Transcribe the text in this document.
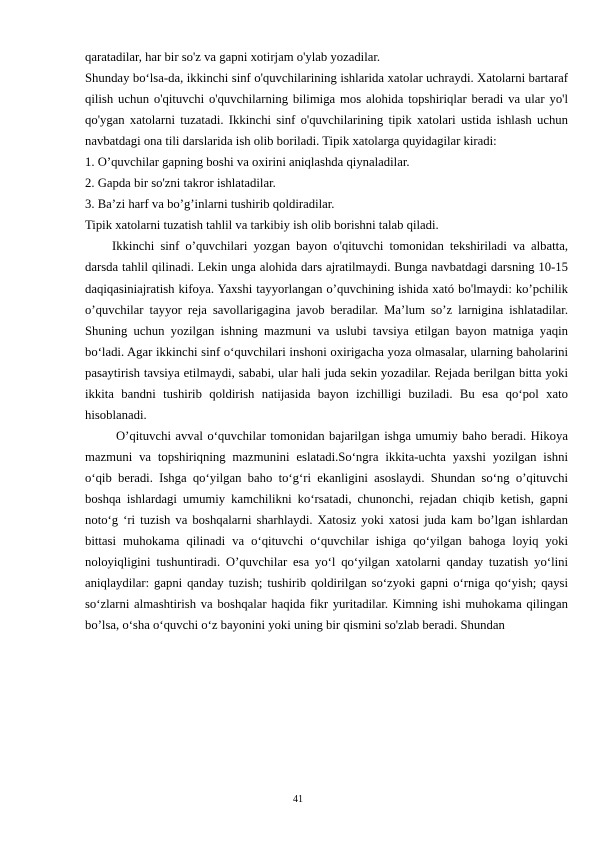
qaratadilar, har bir so'z va gapni xotirjam o'ylab yozadilar.

Shunday bo‘lsa-da, ikkinchi sinf o'quvchilarining ishlarida xatolar uchraydi. Xatolarni bartaraf qilish uchun o'qituvchi o'quvchilarning bilimiga mos alohida topshiriqlar beradi va ular yo'l qo'ygan xatolarni tuzatadi. Ikkinchi sinf o'quvchilarining tipik xatolari ustida ishlash uchun navbatdagi ona tili darslarida ish olib boriladi. Tipik xatolarga quyidagilar kiradi:

1. O’quvchilar gapning boshi va oxirini aniqlashda qiynaladilar.

2. Gapda bir so'zni takror ishlatadilar.

3. Ba’zi harf va bo’g’inlarni tushirib qoldiradilar.

Tipik xatolarni tuzatish tahlil va tarkibiy ish olib borishni talab qiladi.

Ikkinchi sinf o’quvchilari yozgan bayon o'qituvchi tomonidan tekshiriladi va albatta, darsda tahlil qilinadi. Lekin unga alohida dars ajratilmaydi. Bunga navbatdagi darsning 10-15 daqiqasiniajratish kifoya. Yaxshi tayyorlangan o’quvchining ishida xató bo'lmaydi: ko’pchilik o’quvchilar tayyor reja savollarigagina javob beradilar. Ma’lum so’z larnigina ishlatadilar. Shuning uchun yozilgan ishning mazmuni va uslubi tavsiya etilgan bayon matniga yaqin bo‘ladi. Agar ikkinchi sinf o‘quvchilari inshoni oxirigacha yoza olmasalar, ularning baholarini pasaytirish tavsiya etilmaydi, sababi, ular hali juda sekin yozadilar. Rejada berilgan bitta yoki ikkita bandni tushirib qoldirish natijasida bayon izchilligi buziladi. Bu esa qo‘pol xato hisoblanadi.

O’qituvchi avval o‘quvchilar tomonidan bajarilgan ishga umumiy baho beradi. Hikoya mazmuni va topshiriqning mazmunini eslatadi.So‘ngra ikkita-uchta yaxshi yozilgan ishni o‘qib beradi. Ishga qo‘yilgan baho to‘g‘ri ekanligini asoslaydi. Shundan so‘ng o’qituvchi boshqa ishlardagi umumiy kamchilikni ko‘rsatadi, chunonchi, rejadan chiqib ketish, gapni noto‘g ‘ri tuzish va boshqalarni sharhlaydi. Xatosiz yoki xatosi juda kam bo’lgan ishlardan bittasi muhokama qilinadi va o‘qituvchi o‘quvchilar ishiga qo‘yilgan bahoga loyiq yoki noloyiqligini tushuntiradi. O’quvchilar esa yo‘l qo‘yilgan xatolarni qanday tuzatish yo‘lini aniqlaydilar: gapni qanday tuzish; tushirib qoldirilgan so‘zyoki gapni o‘rniga qo‘yish; qaysi so‘zlarni almashtirish va boshqalar haqida fikr yuritadilar. Kimning ishi muhokama qilingan bo’lsa, o‘sha o‘quvchi o‘z bayonini yoki uning bir qismini so'zlab beradi. Shundan

41
